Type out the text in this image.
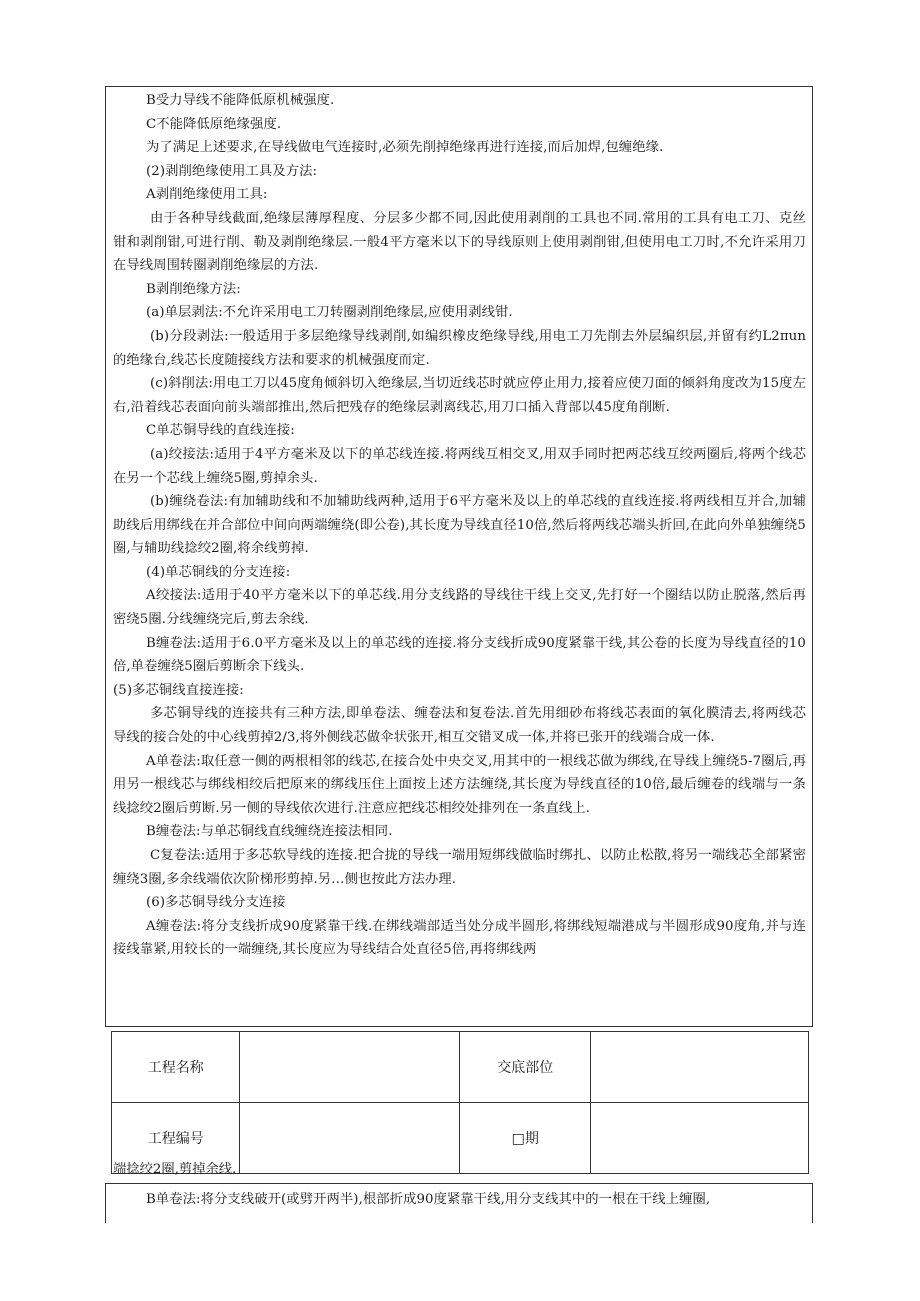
B受力导线不能降低原机械强度.

C不能降低原绝缘强度.

为了满足上述要求,在导线做电气连接时,必须先削掉绝缘再进行连接,而后加焊,包缠绝缘.

(2)剥削绝缘使用工具及方法:

A剥削绝缘使用工具:

由于各种导线截面,绝缘层薄厚程度、分层多少都不同,因此使用剥削的工具也不同.常用的工具有电工刀、克丝钳和剥削钳,可进行削、勒及剥削绝缘层.一般4平方毫米以下的导线原则上使用剥削钳,但使用电工刀时,不允许采用刀在导线周围转圈剥削绝缘层的方法.

B剥削绝缘方法:

(a)单层剥法:不允许采用电工刀转圈剥削绝缘层,应使用剥线钳.

(b)分段剥法:一般适用于多层绝缘导线剥削,如编织橡皮绝缘导线,用电工刀先削去外层编织层,并留有约L2πun的绝缘台,线芯长度随接线方法和要求的机械强度而定.

(c)斜削法:用电工刀以45度角倾斜切入绝缘层,当切近线芯时就应停止用力,接着应使刀面的倾斜角度改为15度左右,沿着线芯表面向前头端部推出,然后把残存的绝缘层剥离线芯,用刀口插入背部以45度角削断.

C单芯铜导线的直线连接:

(a)绞接法:适用于4平方毫米及以下的单芯线连接.将两线互相交叉,用双手同时把两芯线互绞两圈后,将两个线芯在另一个芯线上缠绕5圈,剪掉余头.

(b)缠绕卷法:有加辅助线和不加辅助线两种,适用于6平方毫米及以上的单芯线的直线连接.将两线相互并合,加辅助线后用绑线在并合部位中间向两端缠绕(即公卷),其长度为导线直径10倍,然后将两线芯端头折回,在此向外单独缠绕5圈,与辅助线捻绞2圈,将余线剪掉.

(4)单芯铜线的分支连接:

A绞接法:适用于40平方毫米以下的单芯线.用分支线路的导线往干线上交叉,先打好一个圈结以防止脱落,然后再密绕5圈.分线缠绕完后,剪去余线.

B缠卷法:适用于6.0平方毫米及以上的单芯线的连接.将分支线折成90度紧靠干线,其公卷的长度为导线直径的10倍,单卷缠绕5圈后剪断余下线头.

(5)多芯铜线直接连接:

多芯铜导线的连接共有三种方法,即单卷法、缠卷法和复卷法.首先用细砂布将线芯表面的氧化膜清去,将两线芯导线的接合处的中心线剪掉2/3,将外侧线芯做伞状张开,相互交错叉成一体,并将已张开的线端合成一体.

A单卷法:取任意一侧的两根相邻的线芯,在接合处中央交叉,用其中的一根线芯做为绑线,在导线上缠绕5-7圈后,再用另一根线芯与绑线相绞后把原来的绑线压住上面按上述方法缠绕,其长度为导线直径的10倍,最后缠卷的线端与一条线捻绞2圈后剪断.另一侧的导线依次进行.注意应把线芯相绞处排列在一条直线上.

B缠卷法:与单芯铜线直线缠绕连接法相同.

C复卷法:适用于多芯软导线的连接.把合拢的导线一端用短绑线做临时绑扎、以防止松散,将另一端线芯全部紧密缠绕3圈,多余线端依次阶梯形剪掉.另…侧也按此方法办理.

(6)多芯铜导线分支连接

A缠卷法:将分支线折成90度紧靠干线.在绑线端部适当处分成半圆形,将绑线短端港成与半圆形成90度角,并与连接线靠紧,用较长的一端缠绕,其长度应为导线结合处直径5倍,再将绑线两

工程名称		交底部位	
工程编号		□期	
端捻绞2圈,剪掉余线.

B单卷法:将分支线破开(或劈开两半),根部折成90度紧靠干线,用分支线其中的一根在干线上缠圈,
